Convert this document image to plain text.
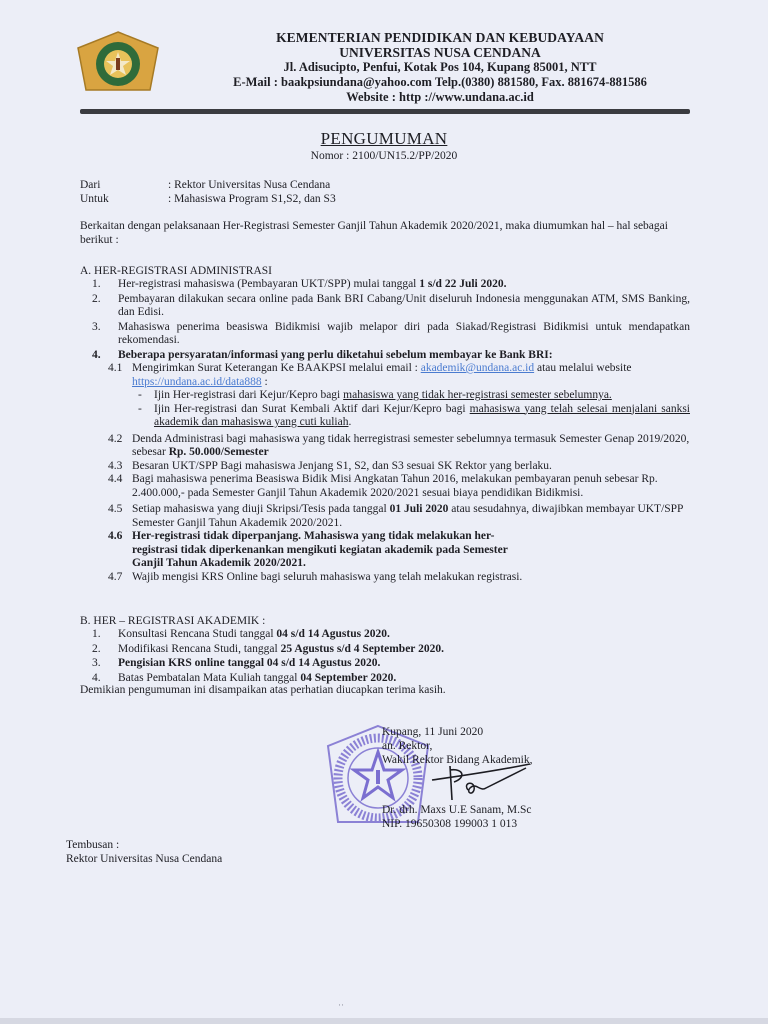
KEMENTERIAN PENDIDIKAN DAN KEBUDAYAAN
UNIVERSITAS NUSA CENDANA
Jl. Adisucipto, Penfui, Kotak Pos 104, Kupang 85001, NTT
E-Mail : baakpsiundana@yahoo.com Telp.(0380) 881580, Fax. 881674-881586
Website : http ://www.undana.ac.id
PENGUMUMAN
Nomor : 2100/UN15.2/PP/2020
Dari	: Rektor Universitas Nusa Cendana
Untuk	: Mahasiswa Program S1,S2, dan S3
Berkaitan dengan pelaksanaan Her-Registrasi Semester Ganjil Tahun Akademik 2020/2021, maka diumumkan hal – hal sebagai berikut :
A. HER-REGISTRASI ADMINISTRASI
1.	Her-registrasi mahasiswa (Pembayaran UKT/SPP) mulai tanggal 1 s/d 22 Juli 2020.
2.	Pembayaran dilakukan secara online pada Bank BRI Cabang/Unit diseluruh Indonesia menggunakan ATM, SMS Banking, dan Edisi.
3.	Mahasiswa penerima beasiswa Bidikmisi wajib melapor diri pada Siakad/Registrasi Bidikmisi untuk mendapatkan rekomendasi.
4.	Beberapa persyaratan/informasi yang perlu diketahui sebelum membayar ke Bank BRI:
4.1 Mengirimkan Surat Keterangan Ke BAAKPSI melalui email : akademik@undana.ac.id atau melalui website https://undana.ac.id/data888 :
-	Ijin Her-registrasi dari Kejur/Kepro bagi mahasiswa yang tidak her-registrasi semester sebelumnya.
-	Ijin Her-registrasi dan Surat Kembali Aktif dari Kejur/Kepro bagi mahasiswa yang telah selesai menjalani sanksi akademik dan mahasiswa yang cuti kuliah.
4.2 Denda Administrasi bagi mahasiswa yang tidak herregistrasi semester sebelumnya termasuk Semester Genap 2019/2020, sebesar Rp. 50.000/Semester
4.3 Besaran UKT/SPP Bagi mahasiswa Jenjang S1, S2, dan S3 sesuai SK Rektor yang berlaku.
4.4 Bagi mahasiswa penerima Beasiswa Bidik Misi Angkatan Tahun 2016, melakukan pembayaran penuh sebesar Rp. 2.400.000,- pada Semester Ganjil Tahun Akademik 2020/2021 sesuai biaya pendidikan Bidikmisi.
4.5 Setiap mahasiswa yang diuji Skripsi/Tesis pada tanggal 01 Juli 2020 atau sesudahnya, diwajibkan membayar UKT/SPP Semester Ganjil Tahun Akademik 2020/2021.
4.6 Her-registrasi tidak diperpanjang. Mahasiswa yang tidak melakukan her-registrasi tidak diperkenankan mengikuti kegiatan akademik pada Semester Ganjil Tahun Akademik 2020/2021.
4.7 Wajib mengisi KRS Online bagi seluruh mahasiswa yang telah melakukan registrasi.
B. HER – REGISTRASI AKADEMIK :
1.	Konsultasi Rencana Studi tanggal 04 s/d 14 Agustus 2020.
2.	Modifikasi Rencana Studi, tanggal 25 Agustus s/d 4 September 2020.
3.	Pengisian KRS online tanggal 04 s/d 14 Agustus 2020.
4.	Batas Pembatalan Mata Kuliah tanggal 04 September 2020.
Demikian pengumuman ini disampaikan atas perhatian diucapkan terima kasih.
Kupang, 11 Juni 2020
an. Rektor,
Wakil Rektor Bidang Akademik,
Dr. drh. Maxs U.E Sanam, M.Sc
NIP. 19650308 199003 1 013
Tembusan :
Rektor Universitas Nusa Cendana
··
